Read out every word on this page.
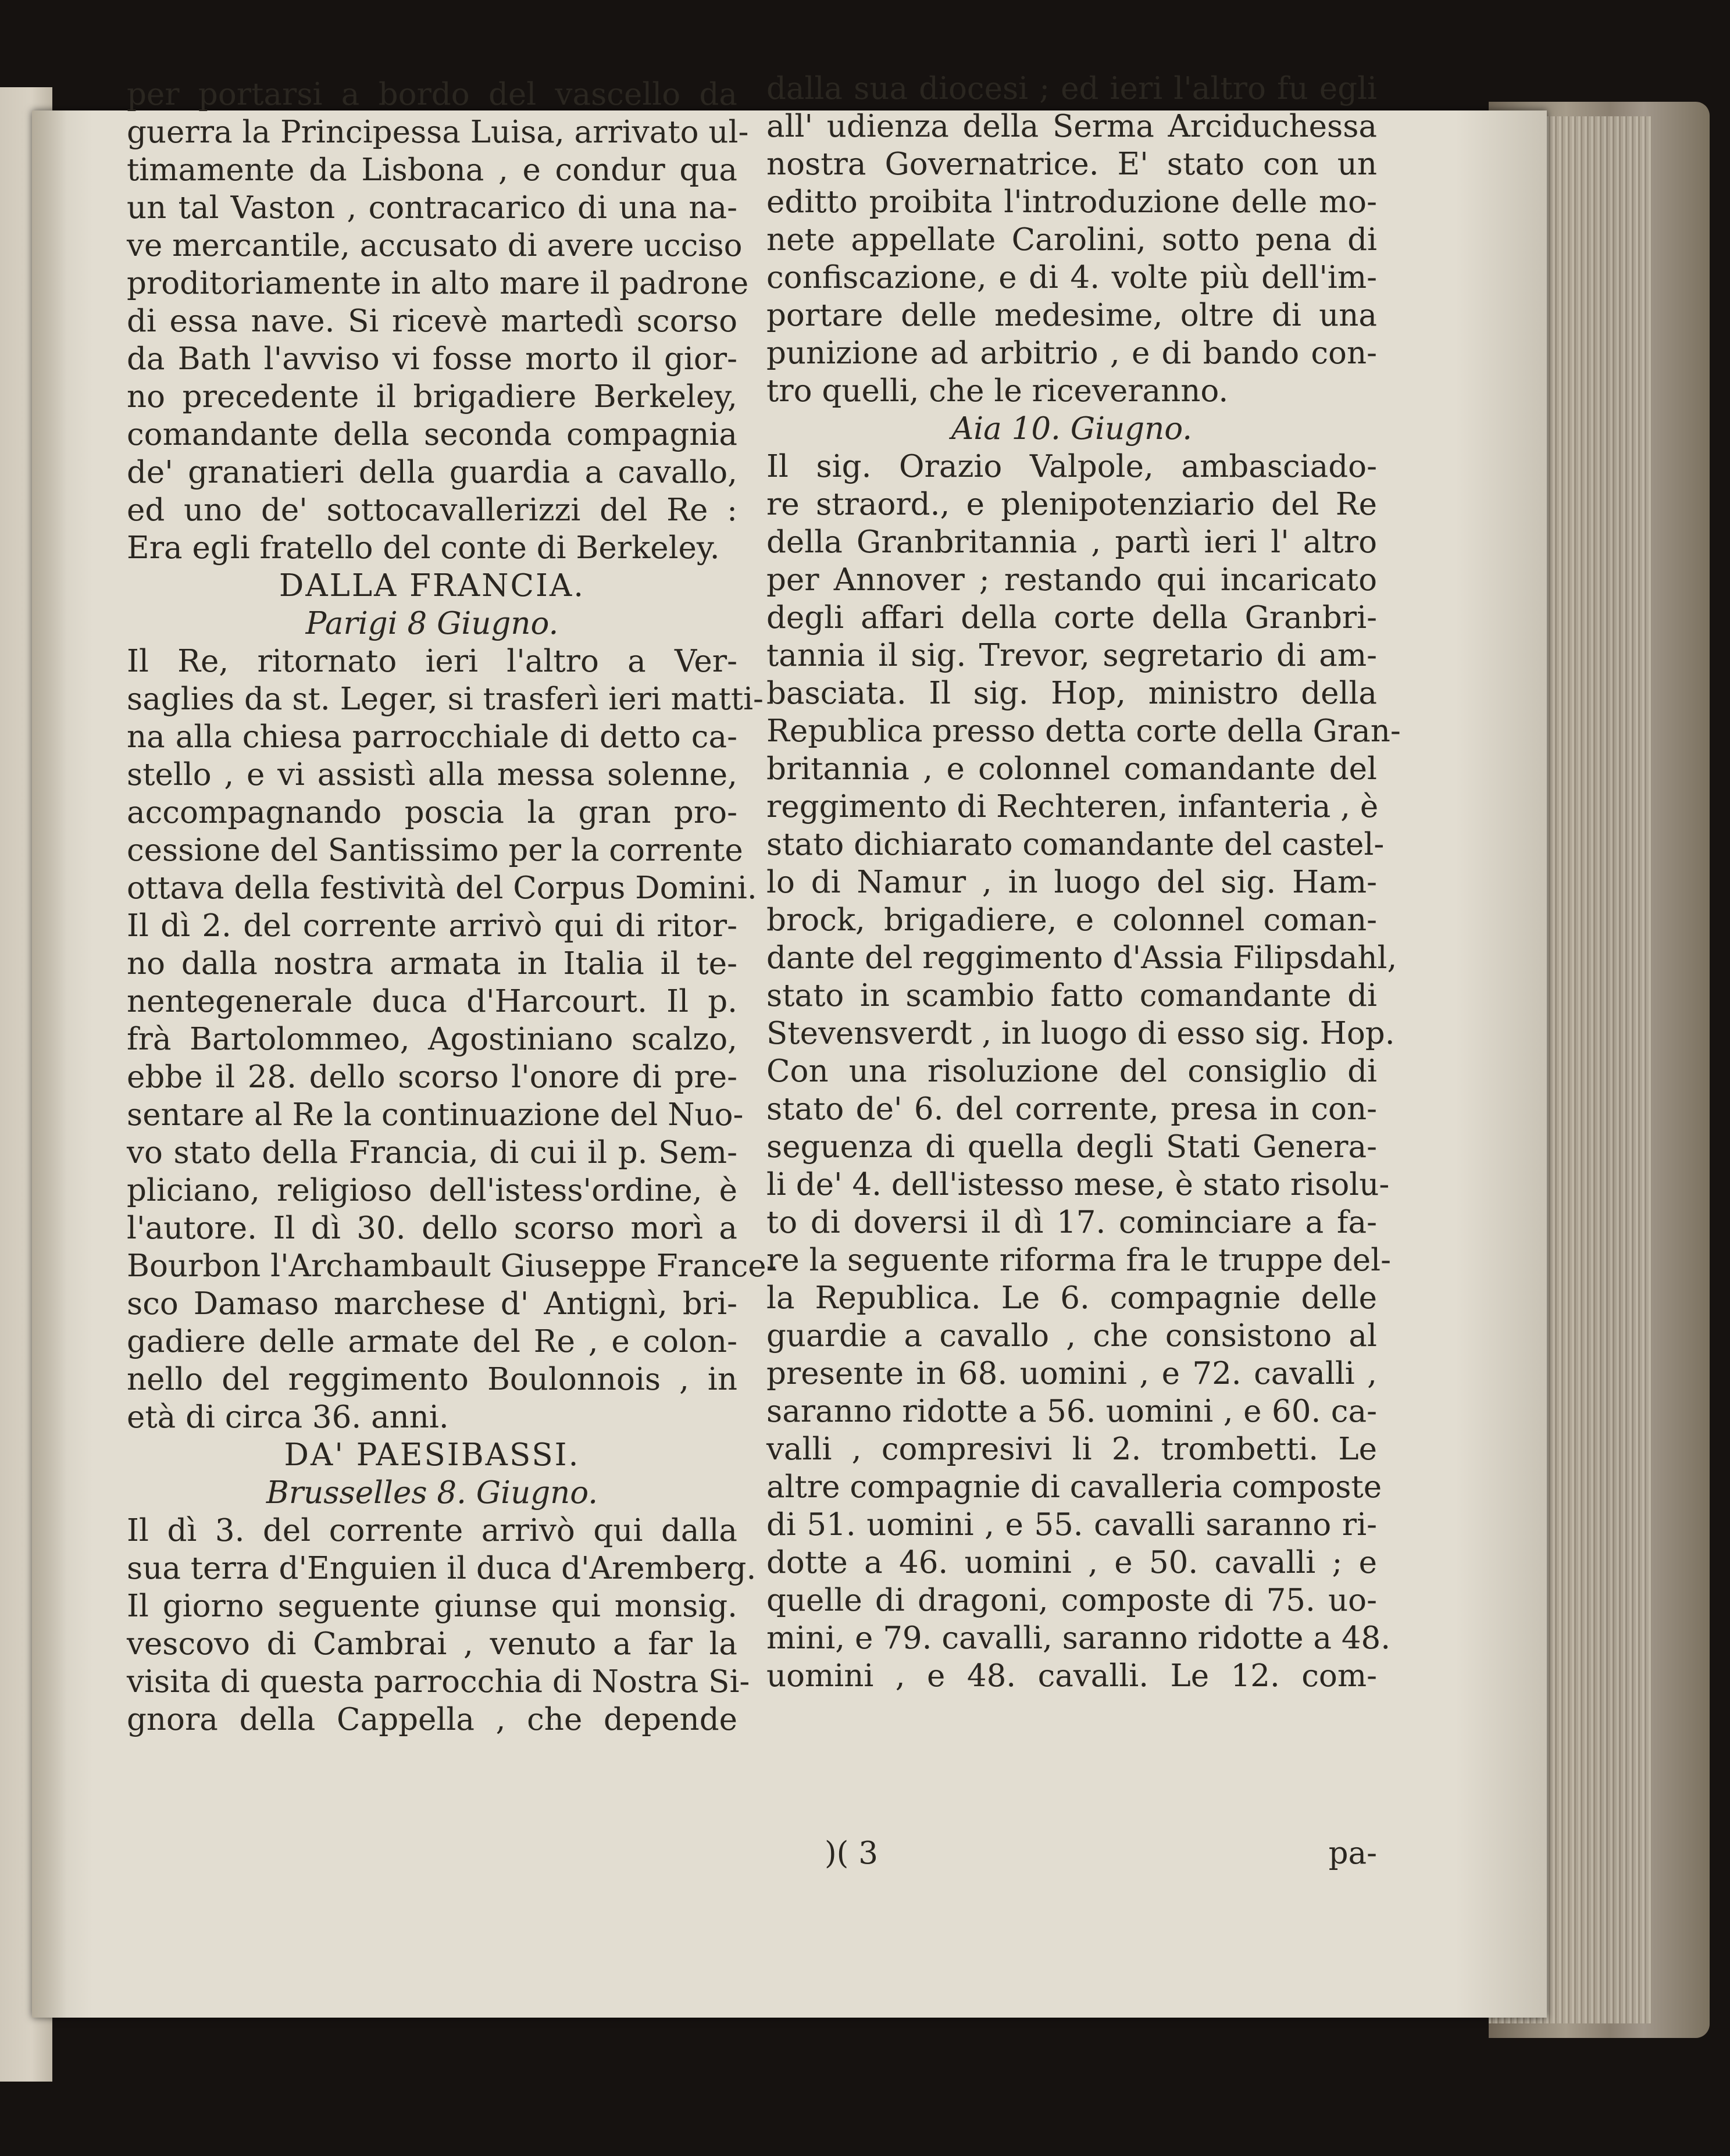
per portarsi a bordo del vascello da

guerra la Principessa Luisa, arrivato ul-

timamente da Lisbona , e condur qua

un tal Vaston , contracarico di una na-

ve mercantile, accusato di avere ucciso

proditoriamente in alto mare il padrone

di essa nave. Si ricevè martedì scorso

da Bath l'avviso vi fosse morto il gior-

no precedente il brigadiere Berkeley,

comandante della seconda compagnia

de' granatieri della guardia a cavallo,

ed uno de' sottocavallerizzi del Re :

Era egli fratello del conte di Berkeley.

DALLA FRANCIA.

Parigi 8 Giugno.

Il Re, ritornato ieri l'altro a Ver-

saglies da st. Leger, si trasferì ieri matti-

na alla chiesa parrocchiale di detto ca-

stello , e vi assistì alla messa solenne,

accompagnando poscia la gran pro-

cessione del Santissimo per la corrente

ottava della festività del Corpus Domini.

Il dì 2. del corrente arrivò qui di ritor-

no dalla nostra armata in Italia il te-

nentegenerale duca d'Harcourt. Il p.

frà Bartolommeo, Agostiniano scalzo,

ebbe il 28. dello scorso l'onore di pre-

sentare al Re la continuazione del Nuo-

vo stato della Francia, di cui il p. Sem-

pliciano, religioso dell'istess'ordine, è

l'autore. Il dì 30. dello scorso morì a

Bourbon l'Archambault Giuseppe France-

sco Damaso marchese d' Antignì, bri-

gadiere delle armate del Re , e colon-

nello del reggimento Boulonnois , in

età di circa 36. anni.

DA' PAESIBASSI.

Brusselles 8. Giugno.

Il dì 3. del corrente arrivò qui dalla

sua terra d'Enguien il duca d'Aremberg.

Il giorno seguente giunse qui monsig.

vescovo di Cambrai , venuto a far la

visita di questa parrocchia di Nostra Si-

gnora della Cappella , che depende

dalla sua diocesi ; ed ieri l'altro fu egli

all' udienza della Serma Arciduchessa

nostra Governatrice. E' stato con un

editto proibita l'introduzione delle mo-

nete appellate Carolini, sotto pena di

confiscazione, e di 4. volte più dell'im-

portare delle medesime, oltre di una

punizione ad arbitrio , e di bando con-

tro quelli, che le riceveranno.

Aia 10. Giugno.

Il sig. Orazio Valpole, ambasciado-

re straord., e plenipotenziario del Re

della Granbritannia , partì ieri l' altro

per Annover ; restando qui incaricato

degli affari della corte della Granbri-

tannia il sig. Trevor, segretario di am-

basciata. Il sig. Hop, ministro della

Republica presso detta corte della Gran-

britannia , e colonnel comandante del

reggimento di Rechteren, infanteria , è

stato dichiarato comandante del castel-

lo di Namur , in luogo del sig. Ham-

brock, brigadiere, e colonnel coman-

dante del reggimento d'Assia Filipsdahl,

stato in scambio fatto comandante di

Stevensverdt , in luogo di esso sig. Hop.

Con una risoluzione del consiglio di

stato de' 6. del corrente, presa in con-

seguenza di quella degli Stati Genera-

li de' 4. dell'istesso mese, è stato risolu-

to di doversi il dì 17. cominciare a fa-

re la seguente riforma fra le truppe del-

la Republica. Le 6. compagnie delle

guardie a cavallo , che consistono al

presente in 68. uomini , e 72. cavalli ,

saranno ridotte a 56. uomini , e 60. ca-

valli , compresivi li 2. trombetti. Le

altre compagnie di cavalleria composte

di 51. uomini , e 55. cavalli saranno ri-

dotte a 46. uomini , e 50. cavalli ; e

quelle di dragoni, composte di 75. uo-

mini, e 79. cavalli, saranno ridotte a 48.

uomini , e 48. cavalli. Le 12. com-

)( 3	pa-
